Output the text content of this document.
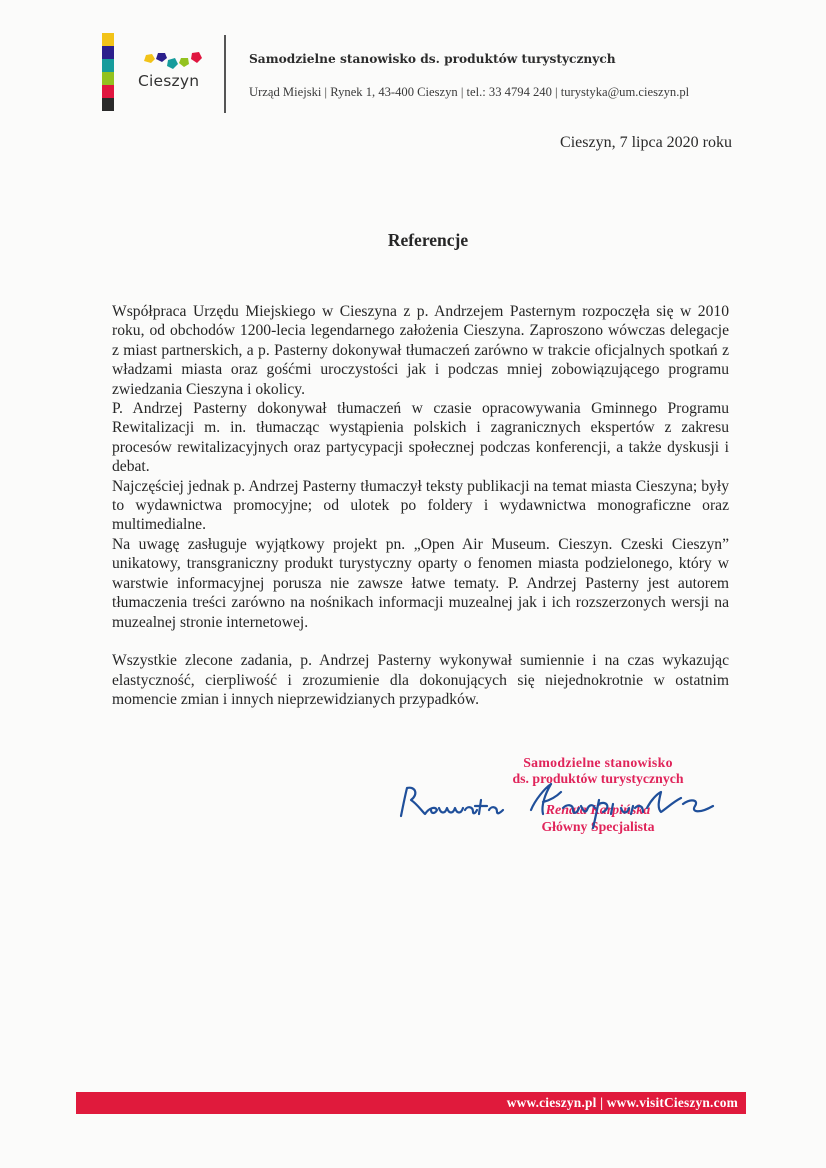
Cieszyn
Samodzielne stanowisko ds. produktów turystycznych
Urząd Miejski | Rynek 1, 43-400 Cieszyn | tel.: 33 4794 240 | turystyka@um.cieszyn.pl
Cieszyn, 7 lipca 2020 roku
Referencje

Współpraca Urzędu Miejskiego w Cieszyna z p. Andrzejem Pasternym rozpoczęła się w 2010 roku, od obchodów 1200-lecia legendarnego założenia Cieszyna. Zaproszono wówczas delegacje z miast partnerskich, a p. Pasterny dokonywał tłumaczeń zarówno w trakcie oficjalnych spotkań z władzami miasta oraz gośćmi uroczystości jak i podczas mniej zobowiązującego programu zwiedzania Cieszyna i okolicy.

P. Andrzej Pasterny dokonywał tłumaczeń w czasie opracowywania Gminnego Programu Rewitalizacji m. in. tłumacząc wystąpienia polskich i zagranicznych ekspertów z zakresu procesów rewitalizacyjnych oraz partycypacji społecznej podczas konferencji, a także dyskusji i debat.

Najczęściej jednak p. Andrzej Pasterny tłumaczył teksty publikacji na temat miasta Cieszyna; były to wydawnictwa promocyjne; od ulotek po foldery i wydawnictwa monograficzne oraz multimedialne.

Na uwagę zasługuje wyjątkowy projekt pn. „Open Air Museum. Cieszyn. Czeski Cieszyn” unikatowy, transgraniczny produkt turystyczny oparty o fenomen miasta podzielonego, który w warstwie informacyjnej porusza nie zawsze łatwe tematy. P. Andrzej Pasterny jest autorem tłumaczenia treści zarówno na nośnikach informacji muzealnej jak i ich rozszerzonych wersji na muzealnej stronie internetowej.

Wszystkie zlecone zadania, p. Andrzej Pasterny wykonywał sumiennie i na czas wykazując elastyczność, cierpliwość i zrozumienie dla dokonujących się niejednokrotnie w ostatnim momencie zmian i innych nieprzewidzianych przypadków.

Samodzielne stanowisko
ds. produktów turystycznych
Renata Karpińska
Główny Specjalista
www.cieszyn.pl | www.visitCieszyn.com
